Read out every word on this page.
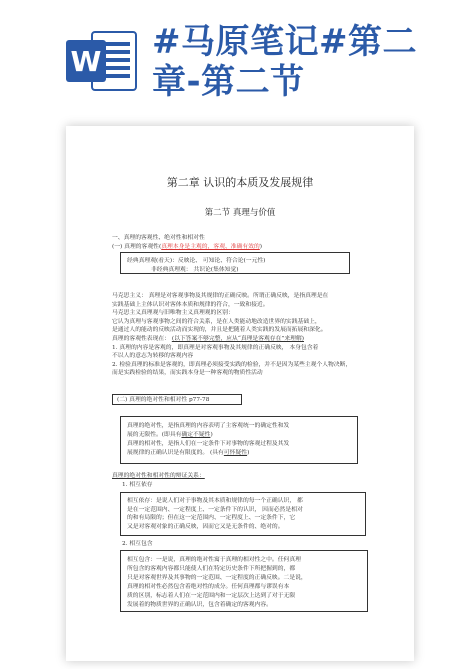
W #马原笔记#第二
章-第二节
第二章 认识的本质及发展规律
第二节 真理与价值

一、真理的客观性、绝对性和相对性

(一) 真理的客观性(真理本身是主观的，客观、准确有效的)

经典真理观(看天)：反映论、 可知论、符合论(一元性)

非经典真理观： 共识论(集体知觉)

马克思主义： 真理是对客观事物及其规律的正确反映。所谓正确反映，是指真理是在

实践基础上主体认识对客体本质和规律的符合，一致和接近。

马克思主义真理观与旧唯物主义真理观的区别：

它认为真理与客观事物之间的符合关系，是在人类能动地改造世界的实践基础上，

是通过人的能动的反映活动而实现的，并且是把随着人类实践的发展而拓展和深化。

真理的客观性表现在： (以下答案不够完整，应从“真理是客观存在”来理解)

1. 真理的内容是客观的，即真理是对客观事物及其规律的正确反映， 本身包含着

不以人的意志为转移的客观内容

2. 检验真理的标准是客观的，即真理必须接受实践的检验，并不是因为某些主观个人物决断，

而是实践检验的结果，而实践本身是一种客观的物质性活动

(二) 真理的绝对性和相对性 p77-78

真理的绝对性，是指真理的内容表明了主客观统一的确定性和发

展的无限性。(即具有确定不疑性)

真理的相对性，是指人们在一定条件下对事物的客观过程及其发

展规律的正确认识是有限度的。 (具有可怀疑性)

真理的绝对性和相对性的辩证关系：

1. 相互依存

相互依存：是说人们对于事物及其本质和规律的每一个正确认识， 都

是在一定范围内、一定程度上、一定条件下的认识， 因而必然是相对

的和有局限的；但在这一定范围内、一定程度上、一定条件下，它

又是对客观对象的正确反映，因而它又是无条件的、绝对的。

2. 相互包含

相互包含：一是说，真理的绝对性寓于真理的相对性之中。任何真理

所包含的客观内容都只能使人们在特定历史条件下所把握到的，都

只是对客观世界及其事物的一定范围、一定程度的正确反映。二是说，

真理的相对性必然包含着绝对性的成分。任何真理都与谬误有本

质的区别，标志着人们在一定范围内和一定层次上达到了对于无限

发展着的物质世界的正确认识，包含着确定的客观内容。
